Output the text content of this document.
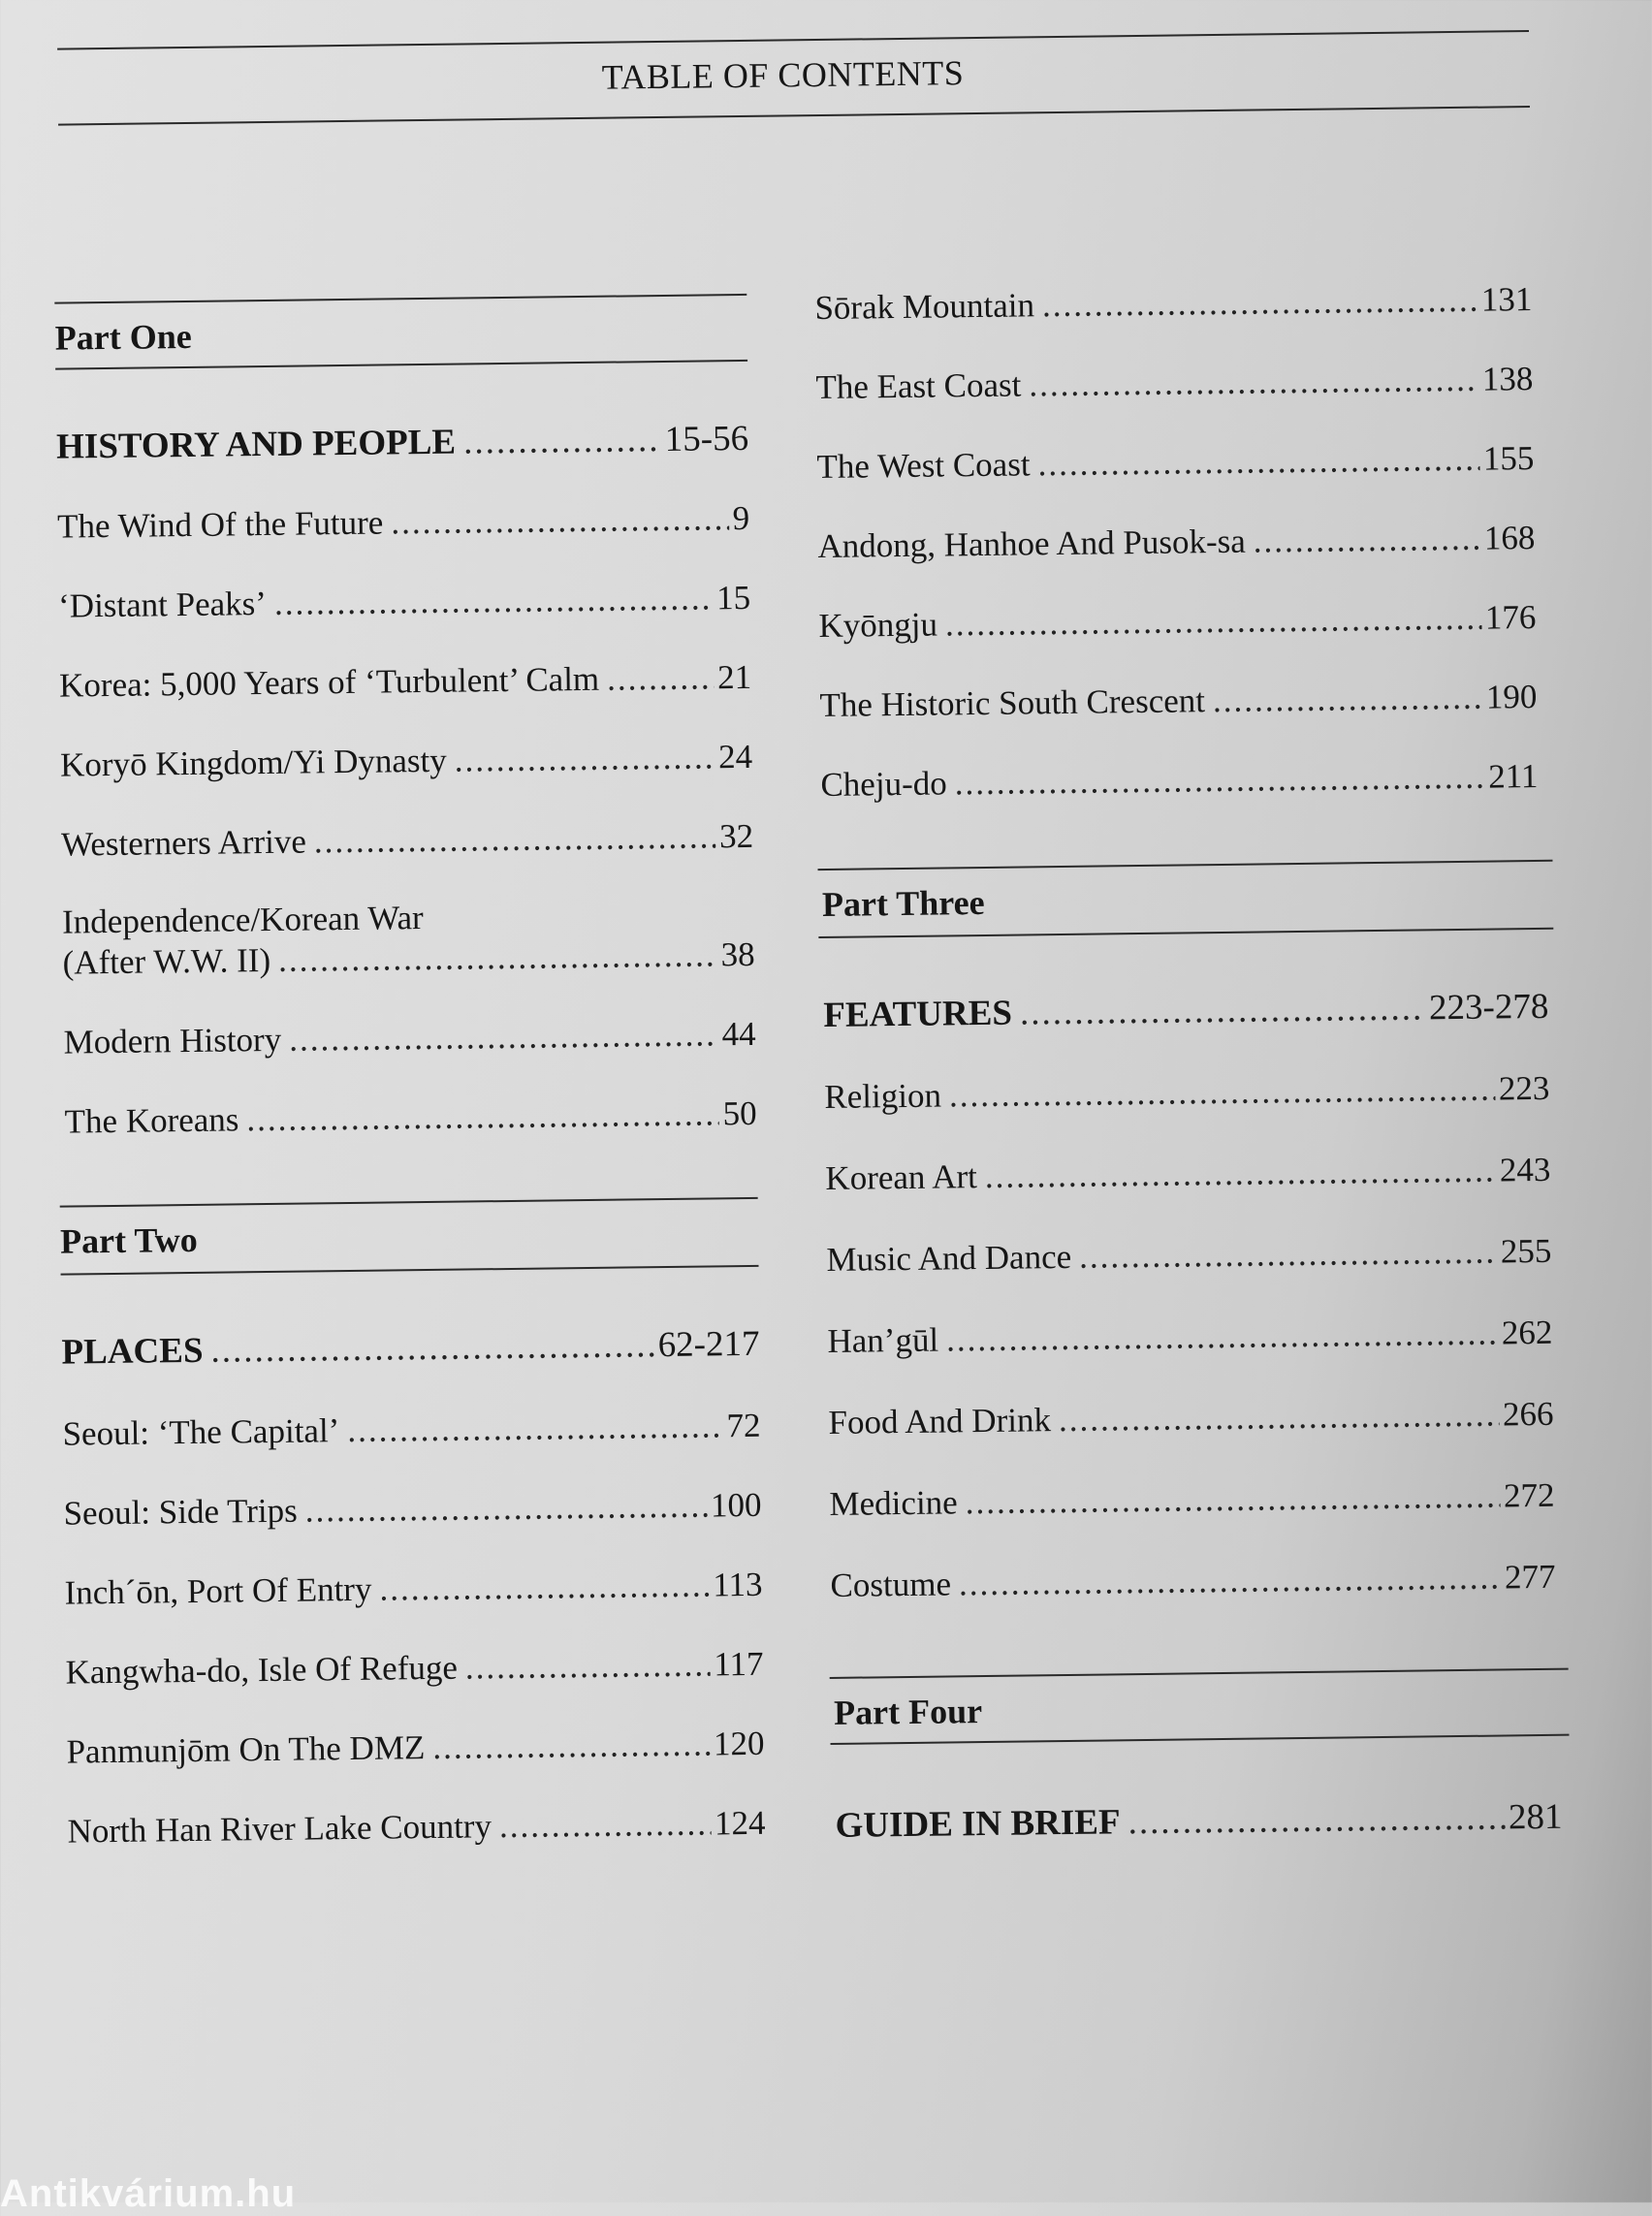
TABLE OF CONTENTS
Part One
HISTORY AND PEOPLE .....	15-56
The Wind Of the Future .....	9
‘Distant Peaks’ .....	15
Korea: 5,000 Years of ‘Turbulent’ Calm .....	21
Koryō Kingdom/Yi Dynasty .....	24
Westerners Arrive .....	32
Independence/Korean War
(After W.W. II) .....	38
Modern History .....	44
The Koreans .....	50
Part Two
PLACES .....	62-217
Seoul: ‘The Capital’ .....	72
Seoul: Side Trips .....	100
Inch´ōn, Port Of Entry .....	113
Kangwha-do, Isle Of Refuge .....	117
Panmunjōm On The DMZ .....	120
North Han River Lake Country .....	124
Sōrak Mountain .....	131
The East Coast .....	138
The West Coast .....	155
Andong, Hanhoe And Pusok-sa .....	168
Kyōngju .....	176
The Historic South Crescent .....	190
Cheju-do .....	211
Part Three
FEATURES .....	223-278
Religion .....	223
Korean Art .....	243
Music And Dance .....	255
Han’gūl .....	262
Food And Drink .....	266
Medicine .....	272
Costume .....	277
Part Four
GUIDE IN BRIEF .....	281
Antikvárium.hu
